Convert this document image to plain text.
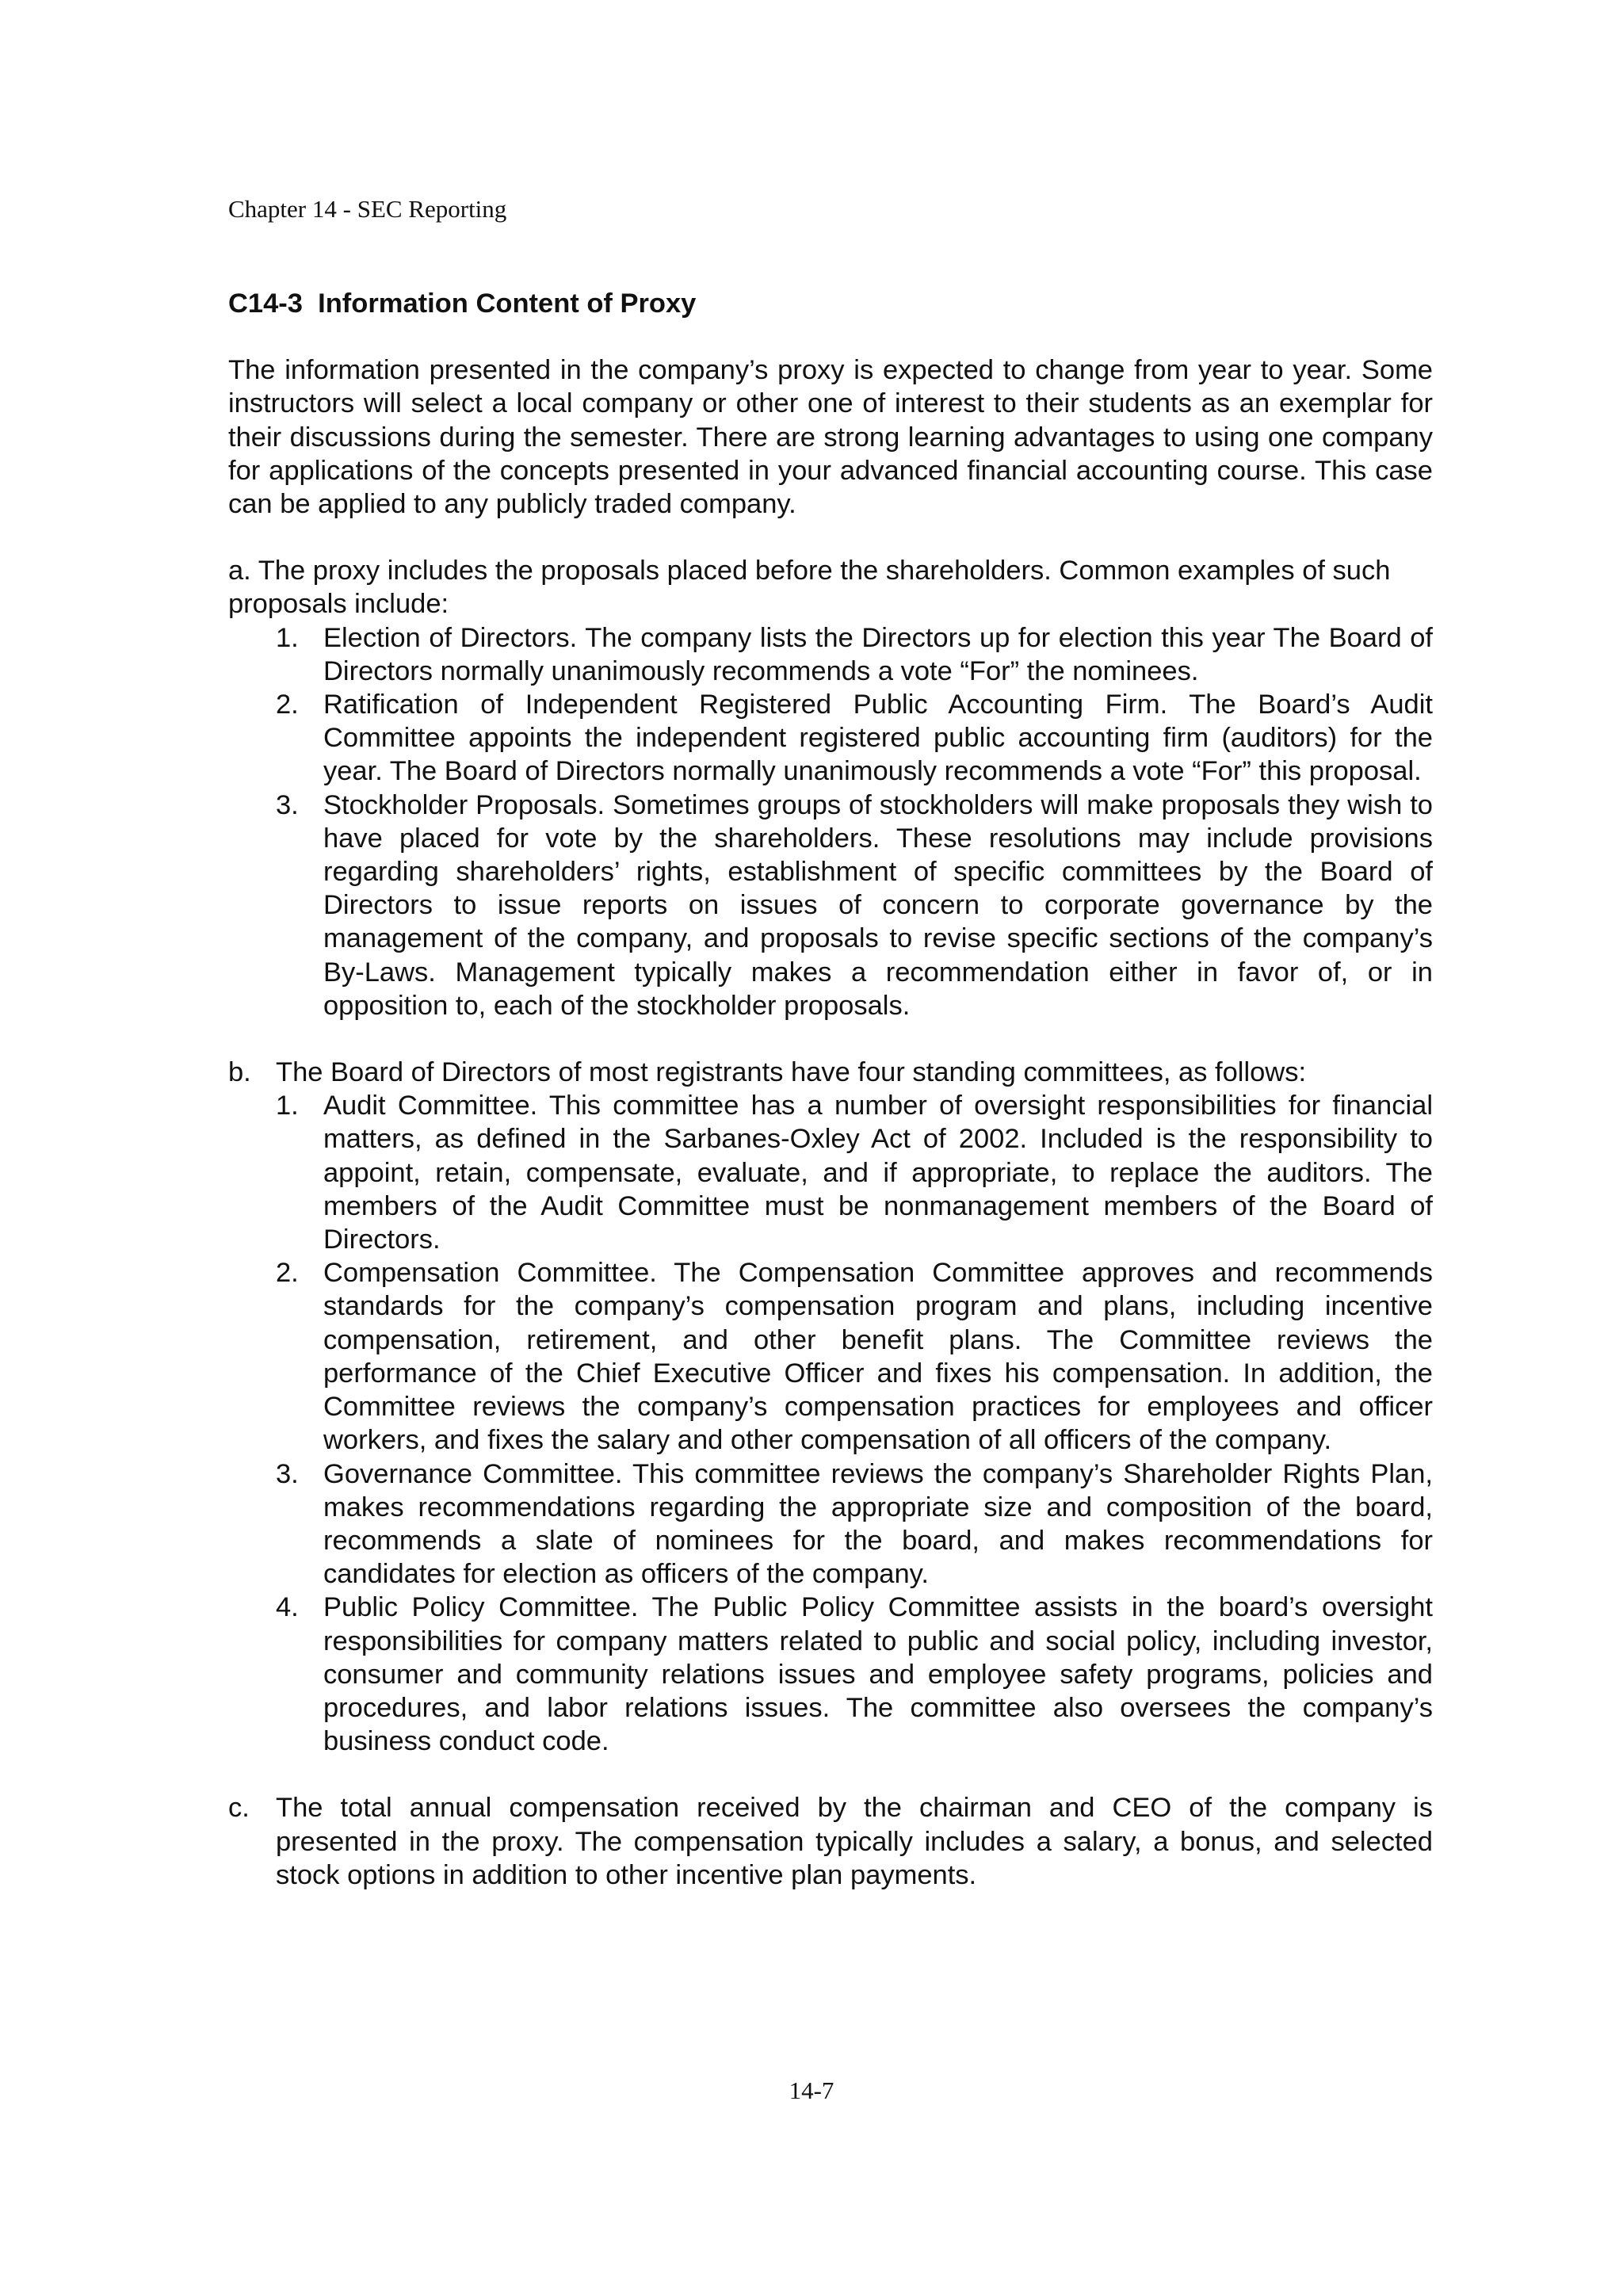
Chapter 14 - SEC Reporting

C14-3  Information Content of Proxy

The information presented in the company’s proxy is expected to change from year to year. Some instructors will select a local company or other one of interest to their students as an exemplar for their discussions during the semester. There are strong learning advantages to using one company for applications of the concepts presented in your advanced financial accounting course. This case can be applied to any publicly traded company.

a. The proxy includes the proposals placed before the shareholders. Common examples of such proposals include:

1. Election of Directors. The company lists the Directors up for election this year The Board of Directors normally unanimously recommends a vote “For” the nominees.
2. Ratification of Independent Registered Public Accounting Firm. The Board’s Audit Committee appoints the independent registered public accounting firm (auditors) for the year. The Board of Directors normally unanimously recommends a vote “For” this proposal.
3. Stockholder Proposals. Sometimes groups of stockholders will make proposals they wish to have placed for vote by the shareholders. These resolutions may include provisions regarding shareholders’ rights, establishment of specific committees by the Board of Directors to issue reports on issues of concern to corporate governance by the management of the company, and proposals to revise specific sections of the company’s By-Laws. Management typically makes a recommendation either in favor of, or in opposition to, each of the stockholder proposals.
b. The Board of Directors of most registrants have four standing committees, as follows:
1. Audit Committee. This committee has a number of oversight responsibilities for financial matters, as defined in the Sarbanes-Oxley Act of 2002. Included is the responsibility to appoint, retain, compensate, evaluate, and if appropriate, to replace the auditors. The members of the Audit Committee must be nonmanagement members of the Board of Directors.
2. Compensation Committee. The Compensation Committee approves and recommends standards for the company’s compensation program and plans, including incentive compensation, retirement, and other benefit plans. The Committee reviews the performance of the Chief Executive Officer and fixes his compensation. In addition, the Committee reviews the company’s compensation practices for employees and officer workers, and fixes the salary and other compensation of all officers of the company.
3. Governance Committee. This committee reviews the company’s Shareholder Rights Plan, makes recommendations regarding the appropriate size and composition of the board, recommends a slate of nominees for the board, and makes recommendations for candidates for election as officers of the company.
4. Public Policy Committee. The Public Policy Committee assists in the board’s oversight responsibilities for company matters related to public and social policy, including investor, consumer and community relations issues and employee safety programs, policies and procedures, and labor relations issues. The committee also oversees the company’s business conduct code.
c. The total annual compensation received by the chairman and CEO of the company is presented in the proxy. The compensation typically includes a salary, a bonus, and selected stock options in addition to other incentive plan payments.
14-7
